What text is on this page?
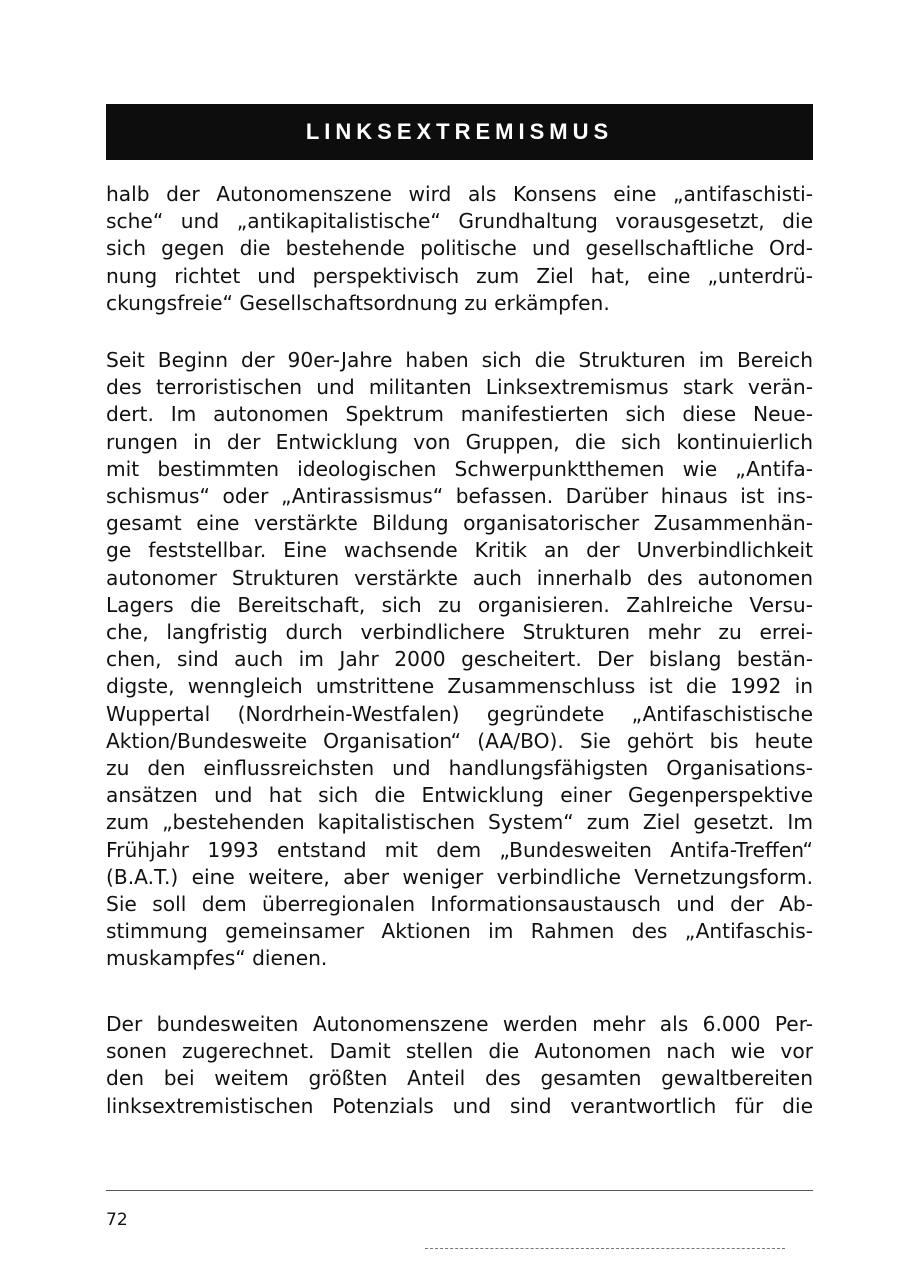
LINKSEXTREMISMUS
halb der Autonomenszene wird als Konsens eine „antifaschisti-
sche“ und „antikapitalistische“ Grundhaltung vorausgesetzt, die
sich gegen die bestehende politische und gesellschaftliche Ord-
nung richtet und perspektivisch zum Ziel hat, eine „unterdrü-
ckungsfreie“ Gesellschaftsordnung zu erkämpfen.
Seit Beginn der 90er-Jahre haben sich die Strukturen im Bereich
des terroristischen und militanten Linksextremismus stark verän-
dert. Im autonomen Spektrum manifestierten sich diese Neue-
rungen in der Entwicklung von Gruppen, die sich kontinuierlich
mit bestimmten ideologischen Schwerpunktthemen wie „Antifa-
schismus“ oder „Antirassismus“ befassen. Darüber hinaus ist ins-
gesamt eine verstärkte Bildung organisatorischer Zusammenhän-
ge feststellbar. Eine wachsende Kritik an der Unverbindlichkeit
autonomer Strukturen verstärkte auch innerhalb des autonomen
Lagers die Bereitschaft, sich zu organisieren. Zahlreiche Versu-
che, langfristig durch verbindlichere Strukturen mehr zu errei-
chen, sind auch im Jahr 2000 gescheitert. Der bislang bestän-
digste, wenngleich umstrittene Zusammenschluss ist die 1992 in
Wuppertal (Nordrhein-Westfalen) gegründete „Antifaschistische
Aktion/Bundesweite Organisation“ (AA/BO). Sie gehört bis heute
zu den einflussreichsten und handlungsfähigsten Organisations-
ansätzen und hat sich die Entwicklung einer Gegenperspektive
zum „bestehenden kapitalistischen System“ zum Ziel gesetzt. Im
Frühjahr 1993 entstand mit dem „Bundesweiten Antifa-Treffen“
(B.A.T.) eine weitere, aber weniger verbindliche Vernetzungsform.
Sie soll dem überregionalen Informationsaustausch und der Ab-
stimmung gemeinsamer Aktionen im Rahmen des „Antifaschis-
muskampfes“ dienen.
Der bundesweiten Autonomenszene werden mehr als 6.000 Per-
sonen zugerechnet. Damit stellen die Autonomen nach wie vor
den bei weitem größten Anteil des gesamten gewaltbereiten
linksextremistischen Potenzials und sind verantwortlich für die
72
